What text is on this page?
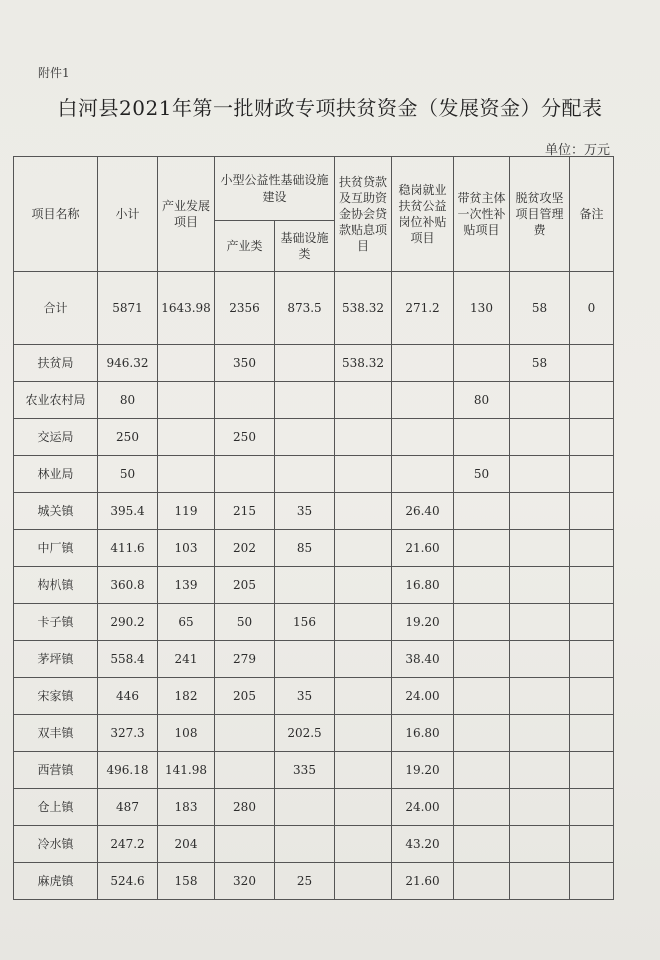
附件1
白河县2021年第一批财政专项扶贫资金（发展资金）分配表
单位：万元
项目名称	小计	产业发展项目	小型公益性基础设施建设		扶贫贷款及互助资金协会贷款贴息项目	稳岗就业扶贫公益岗位补贴项目	带贫主体一次性补贴项目	脱贫攻坚项目管理费	备注
			产业类	基础设施类					
合计	5871	1643.98	2356	873.5	538.32	271.2	130	58	0
扶贫局	946.32		350		538.32			58	
农业农村局	80						80		
交运局	250		250						
林业局	50						50		
城关镇	395.4	119	215	35		26.40			
中厂镇	411.6	103	202	85		21.60			
构朳镇	360.8	139	205			16.80			
卡子镇	290.2	65	50	156		19.20			
茅坪镇	558.4	241	279			38.40			
宋家镇	446	182	205	35		24.00			
双丰镇	327.3	108		202.5		16.80			
西营镇	496.18	141.98		335		19.20			
仓上镇	487	183	280			24.00			
冷水镇	247.2	204				43.20			
麻虎镇	524.6	158	320	25		21.60			
